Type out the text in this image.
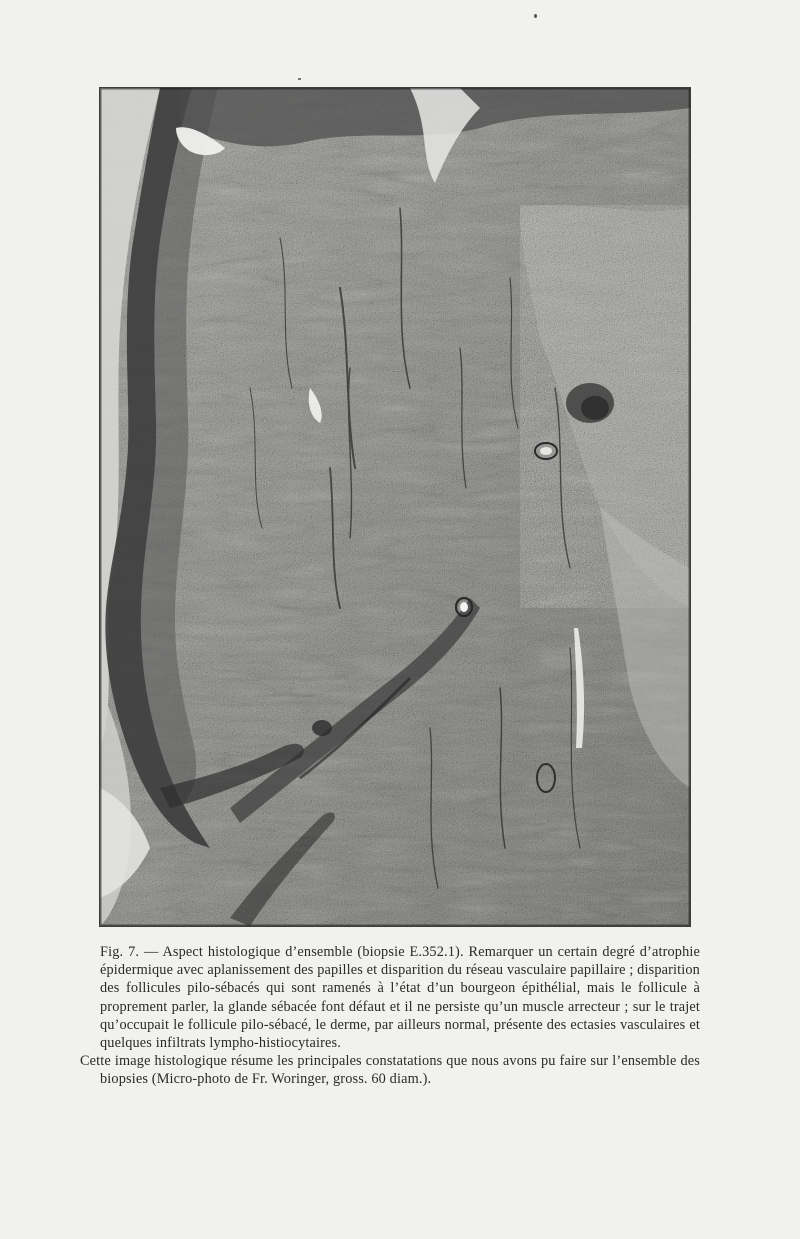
Fig. 7. — Aspect histologique d’ensemble (biopsie E.352.1). Remarquer un certain degré d’atrophie épidermique avec aplanissement des papilles et disparition du réseau vasculaire papillaire ; disparition des follicules pilo-sébacés qui sont ramenés à l’état d’un bourgeon épithélial, mais le follicule à proprement parler, la glande sébacée font défaut et il ne persiste qu’un muscle arrecteur ; sur le trajet qu’occupait le follicule pilo-sébacé, le derme, par ailleurs normal, présente des ectasies vasculaires et quelques infiltrats lympho-histiocytaires.

Cette image histologique résume les principales constatations que nous avons pu faire sur l’ensemble des biopsies (Micro-photo de Fr. Woringer, gross. 60 diam.).
